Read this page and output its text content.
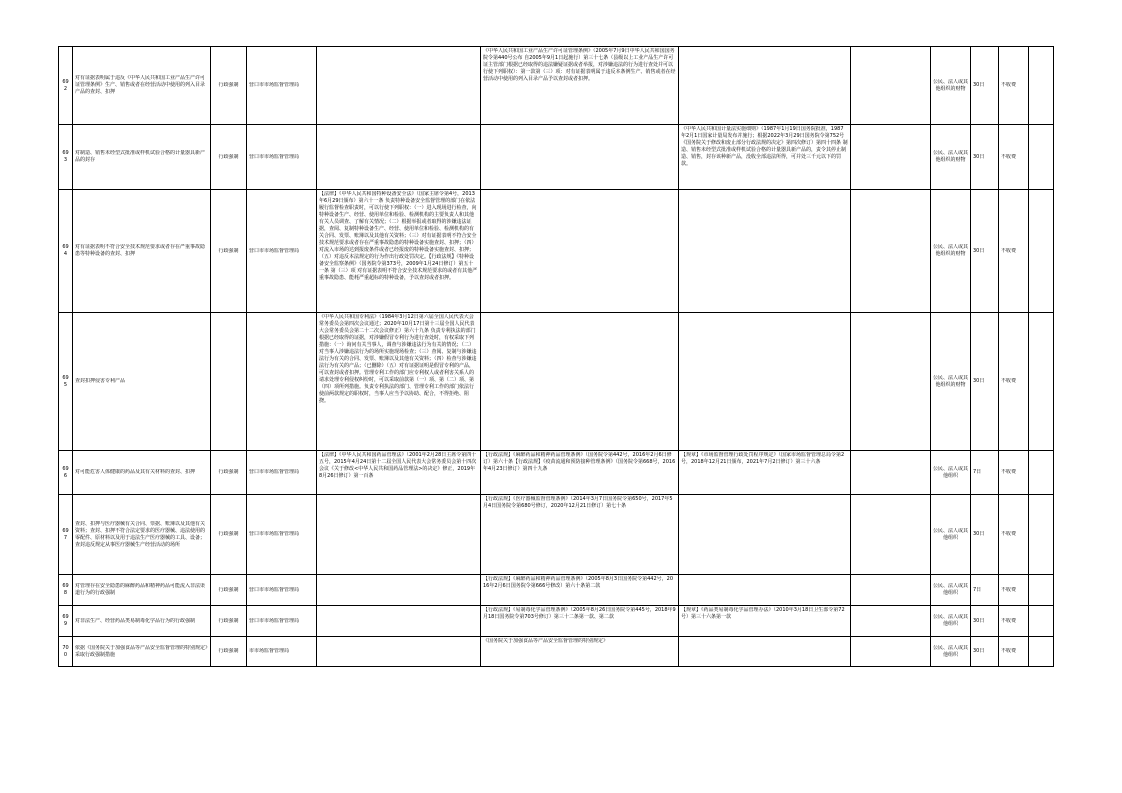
692	对有证据表明属于违反《中华人民共和国工业产品生产许可证管理条例》生产、销售或者在经营活动中使用的列入目录产品的查封、扣押	行政强制	营口市市场监督管理局		《中华人民共和国工业产品生产许可证管理条例》（2005年7月9日中华人民共和国国务院令第440号公布 自2005年9月1日起施行）第三十七条（县级以上工业产品生产许可证主管部门根据已经取得的违法嫌疑证据或者举报，对涉嫌违法的行为进行查处并可以行使下列职权）：第一款第（三）项：对有证据表明属于违反本条例生产、销售或者在经营活动中使用的列入目录产品予以查封或者扣押。			公民、法人或其他组织的财物	30日	不收费	

693	对制造、销售未经型式批准或样机试验合格的计量器具新产品的封存	行政强制	营口市市场监督管理局			《中华人民共和国计量法实施细则》（1987年1月19日国务院批准，1987年2月1日国家计量局发布并施行；根据2022年3月29日国务院令第752号《国务院关于修改和废止部分行政法规的决定》第四次修订）第四十四条 制造、销售未经型式批准或样机试验合格的计量器具新产品的，责令其停止制造、销售，封存该种新产品，没收全部违法所得，可并处三千元以下的罚款。		公民、法人或其他组织的财物	30日	不收费	

694	对有证据表明不符合安全技术规范要求或者存在严重事故隐患等特种设备的查封、扣押	行政强制	营口市市场监督管理局	【法律】《中华人民共和国特种设备安全法》（国家主席令第4号，2013年6月29日颁布）第六十一条 负责特种设备安全监督管理的部门在依法履行监督检查职责时，可以行使下列职权：（一）进入现场进行检查，向特种设备生产、经营、使用单位和检验、检测机构的主要负责人和其他有关人员调查、了解有关情况；（二）根据举报或者取得的涉嫌违法证据，查阅、复制特种设备生产、经营、使用单位和检验、检测机构的有关合同、发票、账簿以及其他有关资料；（三）对有证据表明不符合安全技术规范要求或者存在严重事故隐患的特种设备实施查封、扣押；（四）对流入市场的达到报废条件或者已经报废的特种设备实施查封、扣押；（五）对违反本法规定的行为作出行政处罚决定。【行政法规】《特种设备安全监察条例》（国务院令第373号，2009年1月24日修订）第五十一条 第（三）项 对有证据表明不符合安全技术规范要求的或者有其他严重事故隐患、能耗严重超标的特种设备，予以查封或者扣押。				公民、法人或其他组织的财物	30日	不收费	

695	查封扣押侵害专利产品			《中华人民共和国专利法》（1984年3月12日第六届全国人民代表大会常务委员会第四次会议通过；2020年10月17日第十三届全国人民代表大会常务委员会第二十二次会议修正）第六十九条 负责专利执法的部门根据已经取得的证据，对涉嫌假冒专利行为进行查处时，有权采取下列措施：（一）询问有关当事人，调查与涉嫌违法行为有关的情况；（二）对当事人涉嫌违法行为的场所实施现场检查；（三）查阅、复制与涉嫌违法行为有关的合同、发票、账簿以及其他有关资料；（四）检查与涉嫌违法行为有关的产品；（已删除）（五）对有证据证明是假冒专利的产品，可以查封或者扣押。管理专利工作的部门应专利权人或者利害关系人的请求处理专利侵权纠纷时，可以采取前款第（一）项、第（二）项、第（四）项所列措施。负责专利执法的部门、管理专利工作的部门依法行使前两款规定的职权时，当事人应当予以协助、配合，不得拒绝、阻挠。				公民、法人或其他组织的财物	30日	不收费	

696	对可能危害人体健康的药品及其有关材料的查封、扣押	行政强制	营口市市场监督管理局	【法律】《中华人民共和国药品管理法》（2001年2月28日主席令第四十五号，2015年4月24日第十二届全国人民代表大会常务委员会第十四次会议《关于修改<中华人民共和国药品管理法>的决定》修正，2019年8月26日修订）第一百条	【行政法规】《麻醉药品和精神药品管理条例》（国务院令第442号，2016年2月6日修订）第六十条【行政法规】《疫苗流通和预防接种管理条例》（国务院令第668号，2016年4月23日修订）第四十九条	【规章】《市场监督管理行政处罚程序规定》（国家市场监督管理总局令第2号，2018年12月21日颁布，2021年7月2日修订）第三十六条		公民、法人或其他组织	7日	不收费	

697	查封、扣押与医疗器械有关合同、票据、账簿以及其他有关资料；查封、扣押不符合法定要求的医疗器械、违法使用的零配件、原材料以及用于违法生产医疗器械的工具、设备；查封违反规定从事医疗器械生产经营活动的场所	行政强制	营口市市场监督管理局		【行政法规】《医疗器械监督管理条例》（2014年3月7日国务院令第650号，2017年5月4日国务院令第680号修订，2020年12月21日修订）第七十条			公民、法人或其他组织	30日	不收费	

698	对管理存在安全隐患的麻醉药品和精神药品可能流入非法渠道行为的行政强制	行政强制	营口市市场监督管理局		【行政法规】《麻醉药品和精神药品管理条例》（2005年8月3日国务院令第442号，2016年2月6日国务院令第666号修改）第六十条第二款			公民、法人或其他组织	7日	不收费	

699	对非法生产、经营药品类易制毒化学品行为的行政强制	行政强制	营口市市场监督管理局		【行政法规】《易制毒化学品管理条例》（2005年8月26日国务院令第445号，2018年9月18日国务院令第703号修订）第三十二条第一款、第二款	【规章】《药品类易制毒化学品管理办法》（2010年3月18日卫生部令第72号）第三十六条第一款		公民、法人或其他组织	30日	不收费	

700	依据《国务院关于加强食品等产品安全监督管理的特别规定》采取行政强制措施	行政强制	市市场监督管理局		《国务院关于加强食品等产品安全监督管理的特别规定》			公民、法人或其他组织	30日	不收费	
